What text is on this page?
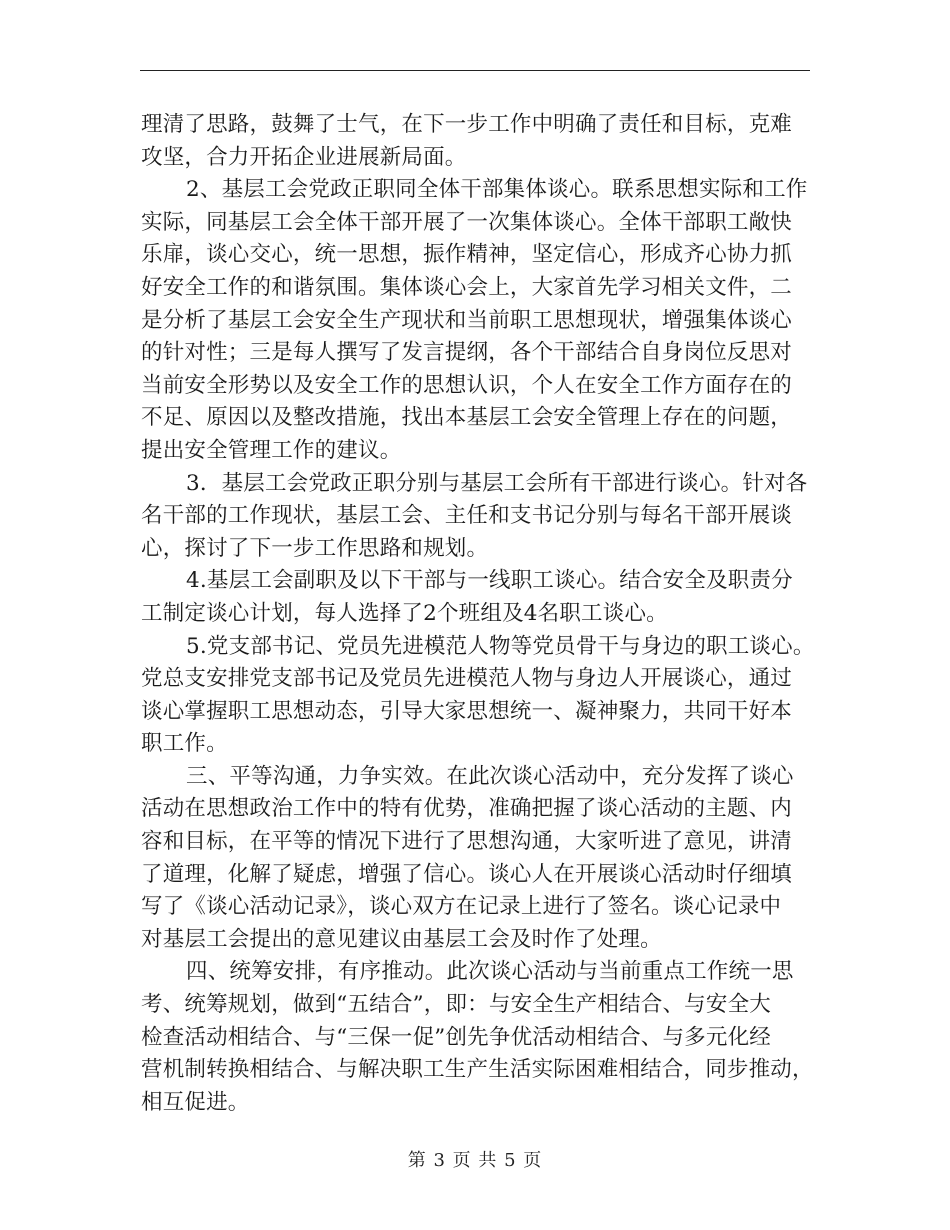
理清了思路，鼓舞了士气，在下一步工作中明确了责任和目标，克难
攻坚，合力开拓企业进展新局面。
2、基层工会党政正职同全体干部集体谈心。联系思想实际和工作
实际，同基层工会全体干部开展了一次集体谈心。全体干部职工敞快
乐扉，谈心交心，统一思想，振作精神，坚定信心，形成齐心协力抓
好安全工作的和谐氛围。集体谈心会上，大家首先学习相关文件，二
是分析了基层工会安全生产现状和当前职工思想现状，增强集体谈心
的针对性；三是每人撰写了发言提纲，各个干部结合自身岗位反思对
当前安全形势以及安全工作的思想认识，个人在安全工作方面存在的
不足、原因以及整改措施，找出本基层工会安全管理上存在的问题，
提出安全管理工作的建议。
3．基层工会党政正职分别与基层工会所有干部进行谈心。针对各
名干部的工作现状，基层工会、主任和支书记分别与每名干部开展谈
心，探讨了下一步工作思路和规划。
4.基层工会副职及以下干部与一线职工谈心。结合安全及职责分
工制定谈心计划，每人选择了2个班组及4名职工谈心。
5.党支部书记、党员先进模范人物等党员骨干与身边的职工谈心。
党总支安排党支部书记及党员先进模范人物与身边人开展谈心，通过
谈心掌握职工思想动态，引导大家思想统一、凝神聚力，共同干好本
职工作。
三、平等沟通，力争实效。在此次谈心活动中，充分发挥了谈心
活动在思想政治工作中的特有优势，准确把握了谈心活动的主题、内
容和目标，在平等的情况下进行了思想沟通，大家听进了意见，讲清
了道理，化解了疑虑，增强了信心。谈心人在开展谈心活动时仔细填
写了《谈心活动记录》，谈心双方在记录上进行了签名。谈心记录中
对基层工会提出的意见建议由基层工会及时作了处理。
四、统筹安排，有序推动。此次谈心活动与当前重点工作统一思
考、统筹规划，做到“五结合”，即：与安全生产相结合、与安全大
检查活动相结合、与“三保一促”创先争优活动相结合、与多元化经
营机制转换相结合、与解决职工生产生活实际困难相结合，同步推动，
相互促进。
第 3 页 共 5 页
